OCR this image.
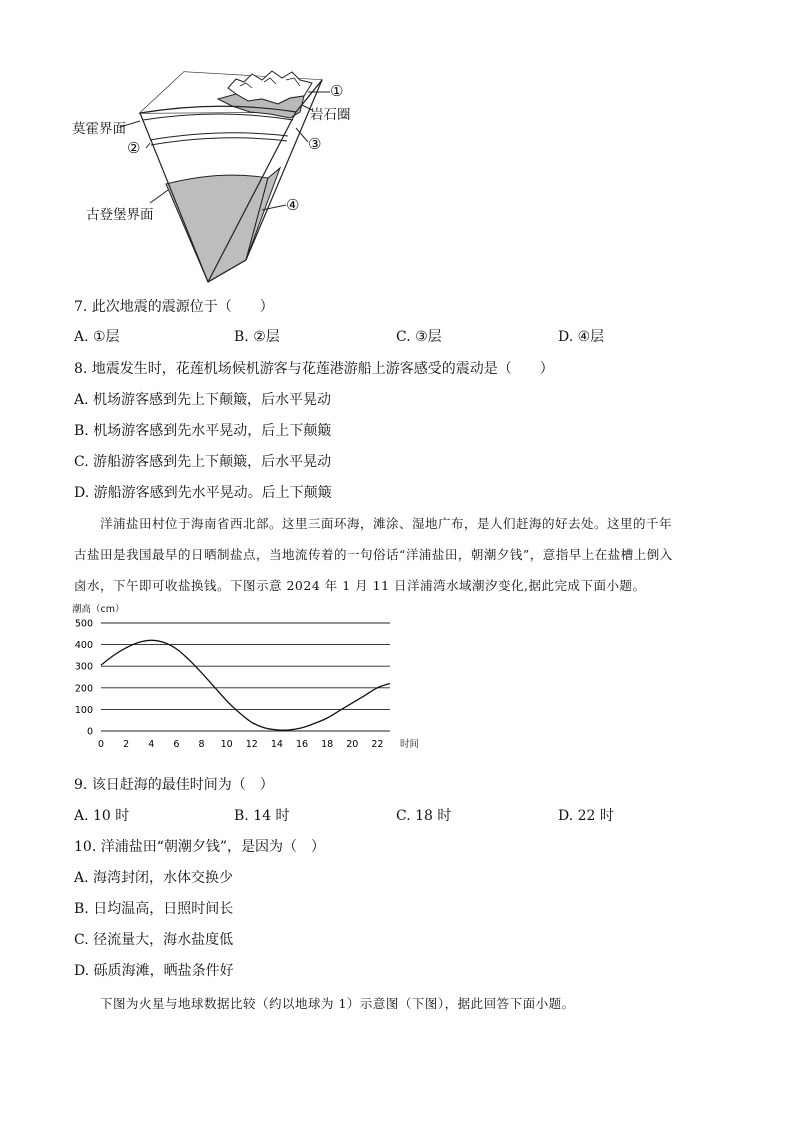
莫霍界面
古登堡界面
岩石圈
①
②	③
④
7. 此次地震的震源位于（　　）
A. ①层	B. ②层	C. ③层	D. ④层
8. 地震发生时，花莲机场候机游客与花莲港游船上游客感受的震动是（　　）
A. 机场游客感到先上下颠簸，后水平晃动
B. 机场游客感到先水平晃动，后上下颠簸
C. 游船游客感到先上下颠簸，后水平晃动
D. 游船游客感到先水平晃动。后上下颠簸

洋浦盐田村位于海南省西北部。这里三面环海，滩涂、湿地广布，是人们赶海的好去处。这里的千年

古盐田是我国最早的日晒制盐点，当地流传着的一句俗话“洋浦盐田，朝潮夕钱”，意指早上在盐槽上倒入

卤水，下午即可收盐换钱。下图示意 2024 年 1 月 11 日洋浦湾水域潮汐变化,据此完成下面小题。

潮高（cm）
时间
0
100
200
300
400
500
0 2 4 6 8 10 12 14 16 18 20 22
9. 该日赶海的最佳时间为（　）
A. 10 时	B. 14 时	C. 18 时	D. 22 时
10. 洋浦盐田“朝潮夕钱”，是因为（　）
A. 海湾封闭，水体交换少
B. 日均温高，日照时间长
C. 径流量大，海水盐度低
D. 砾质海滩，晒盐条件好

下图为火星与地球数据比较（约以地球为 1）示意图（下图），据此回答下面小题。
